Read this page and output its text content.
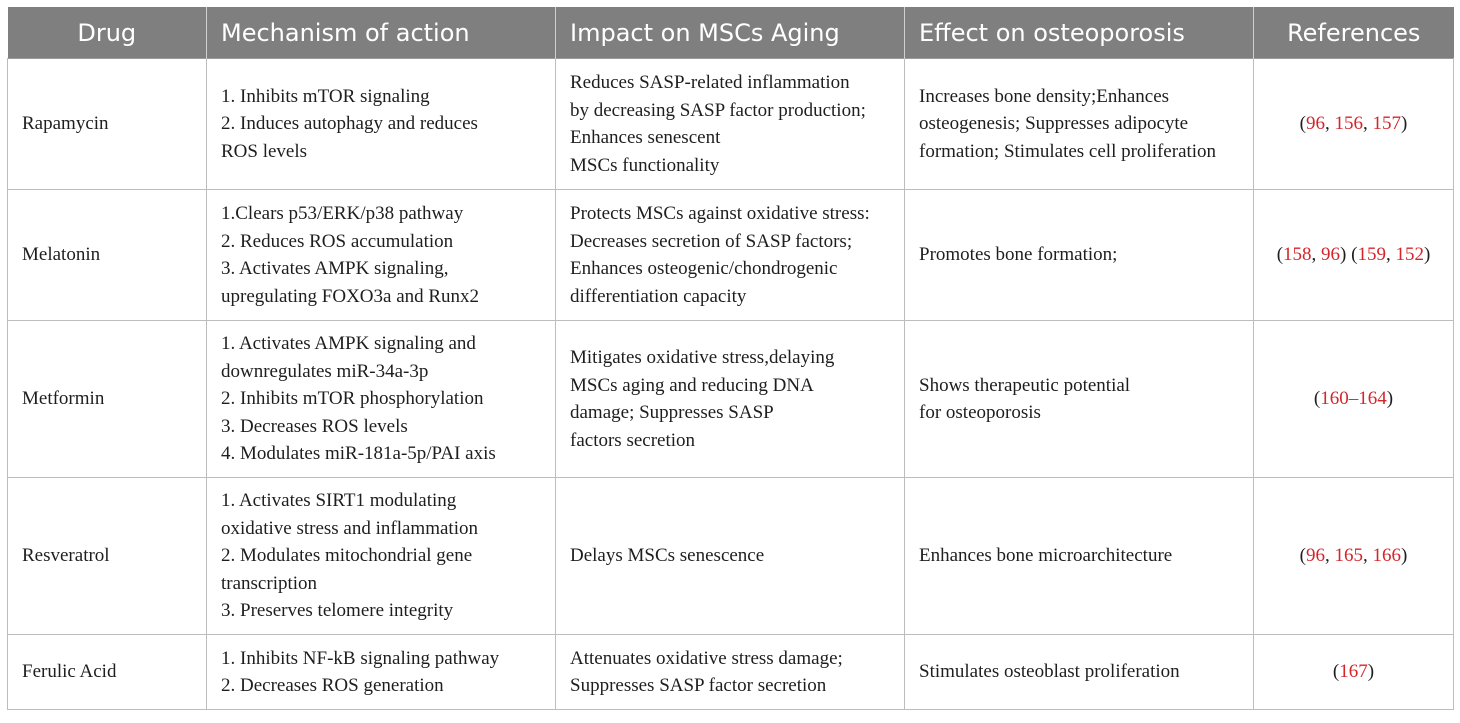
Drug	Mechanism of action	Impact on MSCs Aging	Effect on osteoporosis	References
Rapamycin	1. Inhibits mTOR signaling
2. Induces autophagy and reduces
ROS levels	Reduces SASP-related inflammation
by decreasing SASP factor production;
Enhances senescent
MSCs functionality	Increases bone density;Enhances
osteogenesis; Suppresses adipocyte
formation; Stimulates cell proliferation	(96, 156, 157)
Melatonin	1.Clears p53/ERK/p38 pathway
2. Reduces ROS accumulation
3. Activates AMPK signaling,
upregulating FOXO3a and Runx2	Protects MSCs against oxidative stress:
Decreases secretion of SASP factors;
Enhances osteogenic/chondrogenic
differentiation capacity	Promotes bone formation;	(158, 96) (159, 152)
Metformin	1. Activates AMPK signaling and
downregulates miR-34a-3p
2. Inhibits mTOR phosphorylation
3. Decreases ROS levels
4. Modulates miR-181a-5p/PAI axis	Mitigates oxidative stress,delaying
MSCs aging and reducing DNA
damage; Suppresses SASP
factors secretion	Shows therapeutic potential
for osteoporosis	(160–164)
Resveratrol	1. Activates SIRT1 modulating
oxidative stress and inflammation
2. Modulates mitochondrial gene
transcription
3. Preserves telomere integrity	Delays MSCs senescence	Enhances bone microarchitecture	(96, 165, 166)
Ferulic Acid	1. Inhibits NF-kB signaling pathway
2. Decreases ROS generation	Attenuates oxidative stress damage;
Suppresses SASP factor secretion	Stimulates osteoblast proliferation	(167)
